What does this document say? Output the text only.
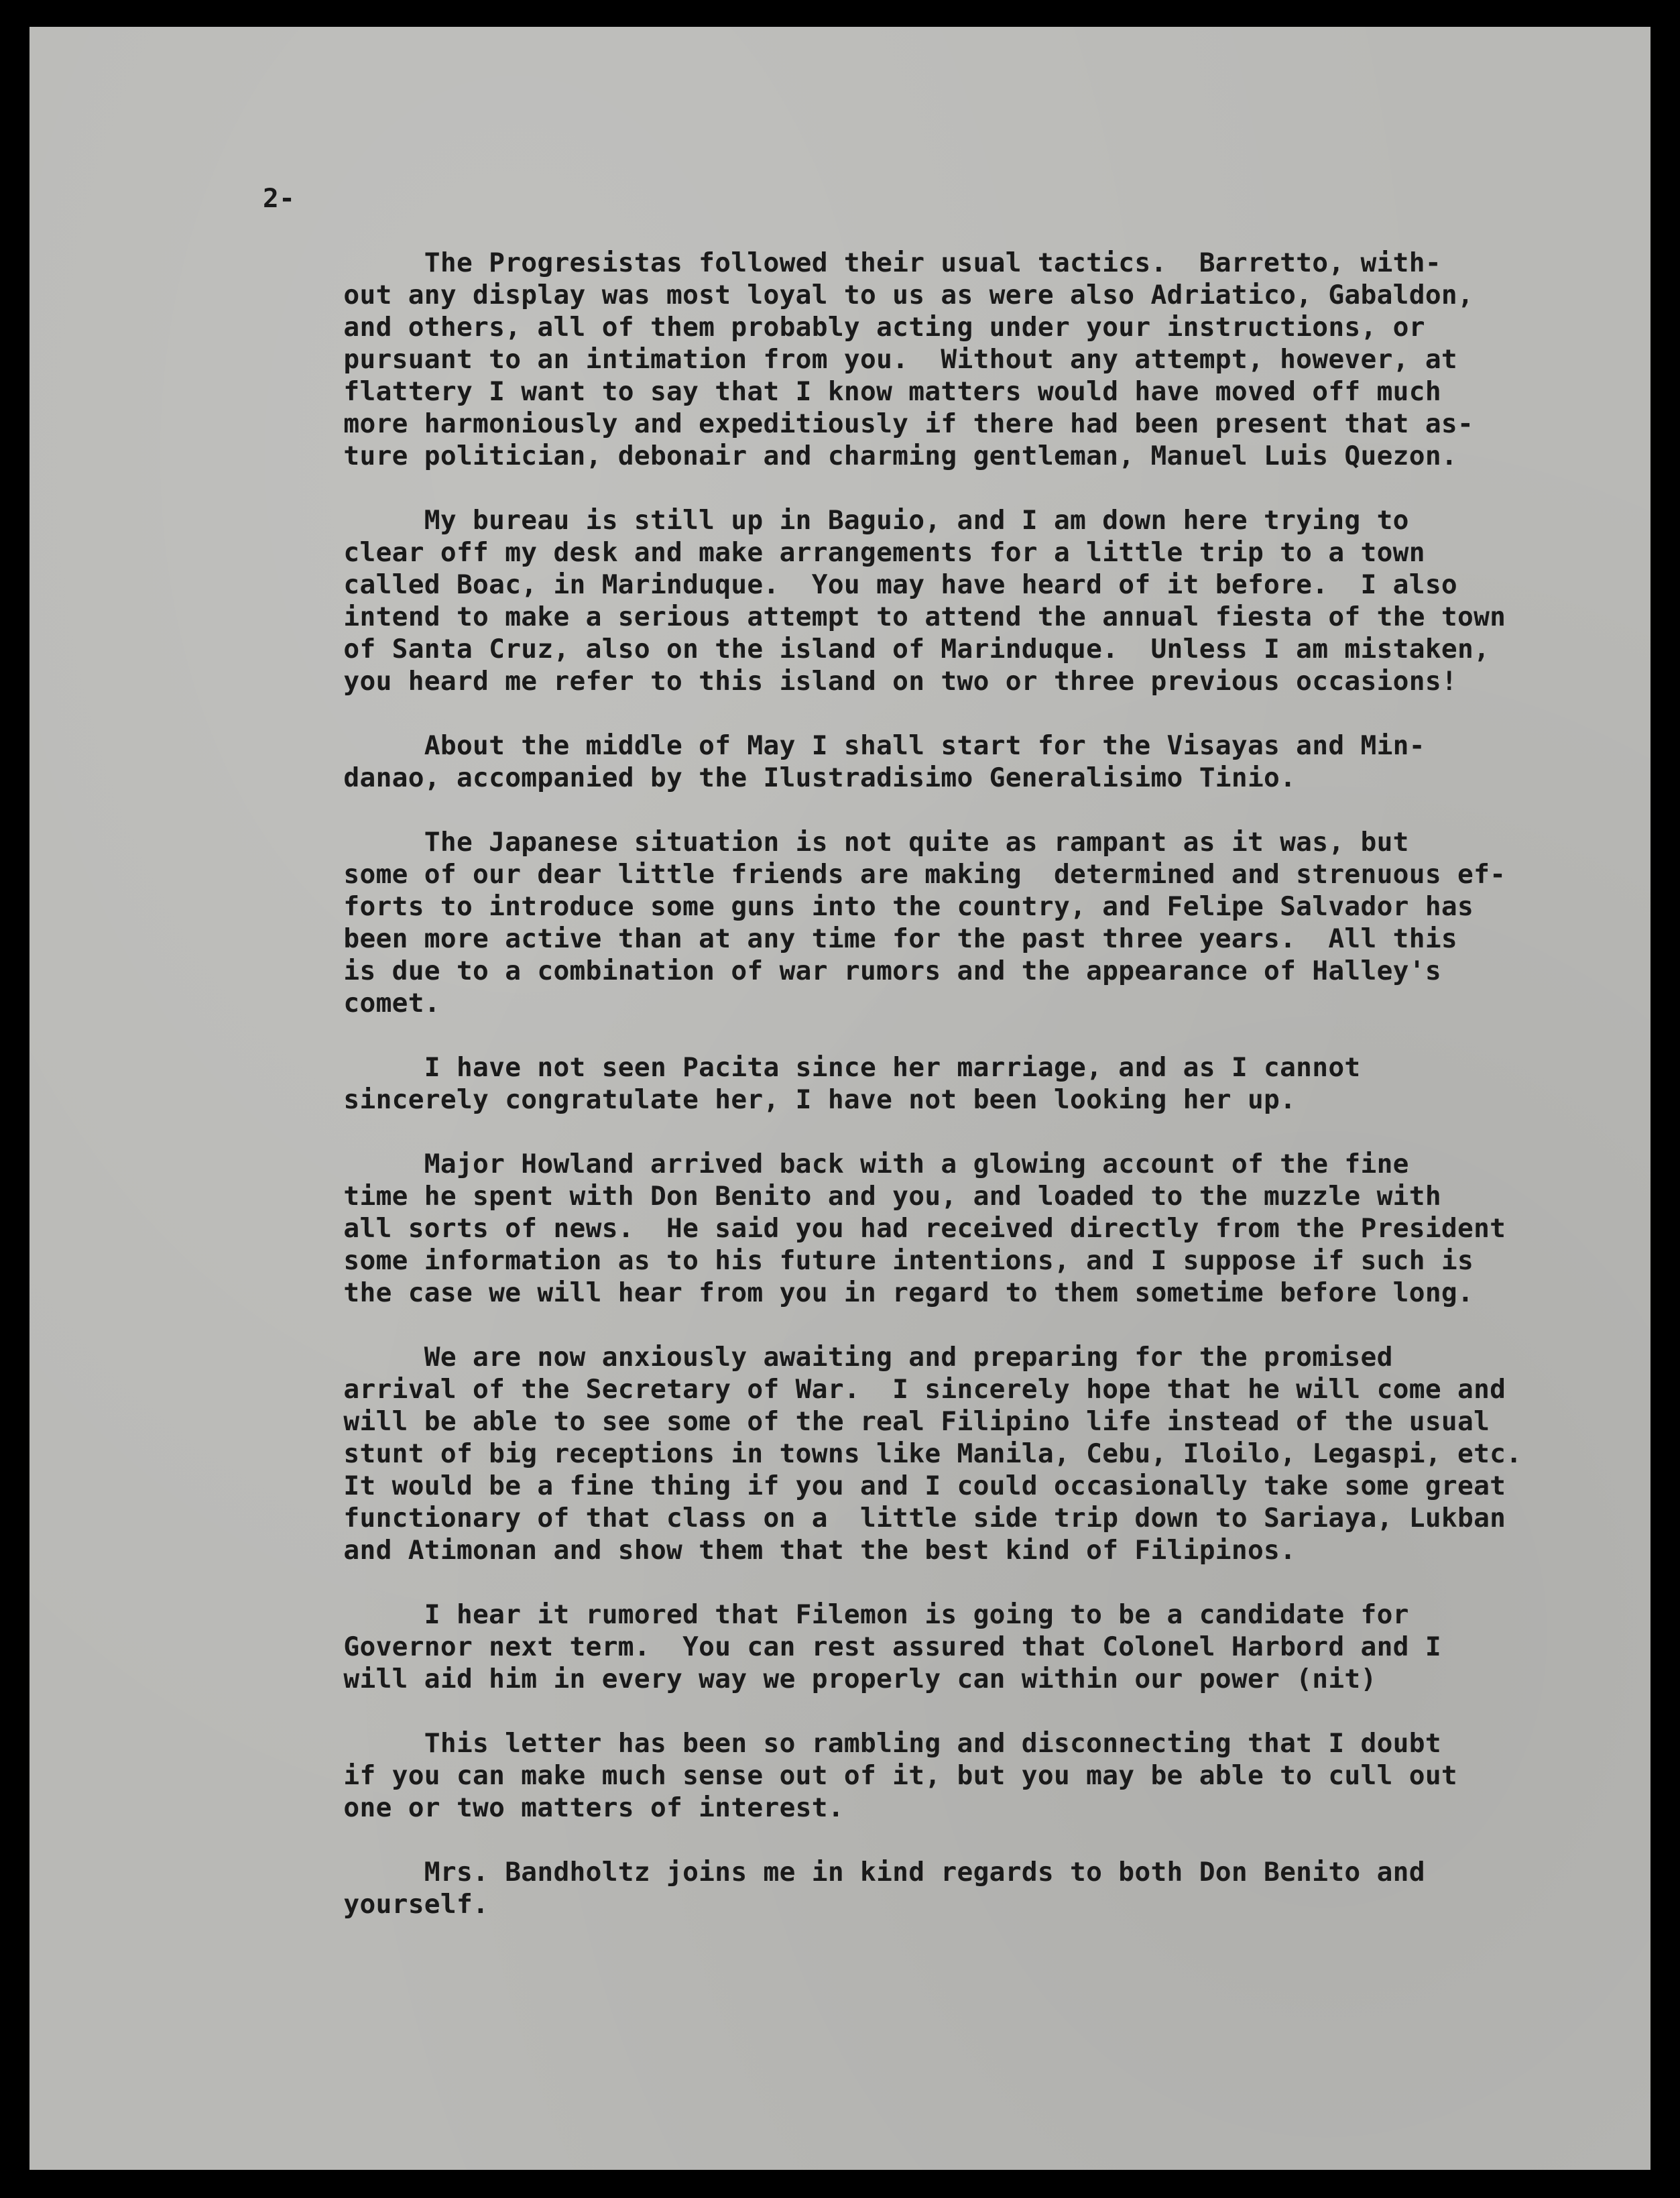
2-
The Progresistas followed their usual tactics.  Barretto, with-
out any display was most loyal to us as were also Adriatico, Gabaldon,
and others, all of them probably acting under your instructions, or
pursuant to an intimation from you.  Without any attempt, however, at
flattery I want to say that I know matters would have moved off much
more harmoniously and expeditiously if there had been present that as-
ture politician, debonair and charming gentleman, Manuel Luis Quezon.
My bureau is still up in Baguio, and I am down here trying to
clear off my desk and make arrangements for a little trip to a town
called Boac, in Marinduque.  You may have heard of it before.  I also
intend to make a serious attempt to attend the annual fiesta of the town
of Santa Cruz, also on the island of Marinduque.  Unless I am mistaken,
you heard me refer to this island on two or three previous occasions!
About the middle of May I shall start for the Visayas and Min-
danao, accompanied by the Ilustradisimo Generalisimo Tinio.
The Japanese situation is not quite as rampant as it was, but
some of our dear little friends are making  determined and strenuous ef-
forts to introduce some guns into the country, and Felipe Salvador has
been more active than at any time for the past three years.  All this
is due to a combination of war rumors and the appearance of Halley's
comet.
I have not seen Pacita since her marriage, and as I cannot
sincerely congratulate her, I have not been looking her up.
Major Howland arrived back with a glowing account of the fine
time he spent with Don Benito and you, and loaded to the muzzle with
all sorts of news.  He said you had received directly from the President
some information as to his future intentions, and I suppose if such is
the case we will hear from you in regard to them sometime before long.
We are now anxiously awaiting and preparing for the promised
arrival of the Secretary of War.  I sincerely hope that he will come and
will be able to see some of the real Filipino life instead of the usual
stunt of big receptions in towns like Manila, Cebu, Iloilo, Legaspi, etc.
It would be a fine thing if you and I could occasionally take some great
functionary of that class on a  little side trip down to Sariaya, Lukban
and Atimonan and show them that the best kind of Filipinos.
I hear it rumored that Filemon is going to be a candidate for
Governor next term.  You can rest assured that Colonel Harbord and I
will aid him in every way we properly can within our power (nit)
This letter has been so rambling and disconnecting that I doubt
if you can make much sense out of it, but you may be able to cull out
one or two matters of interest.
Mrs. Bandholtz joins me in kind regards to both Don Benito and
yourself.
